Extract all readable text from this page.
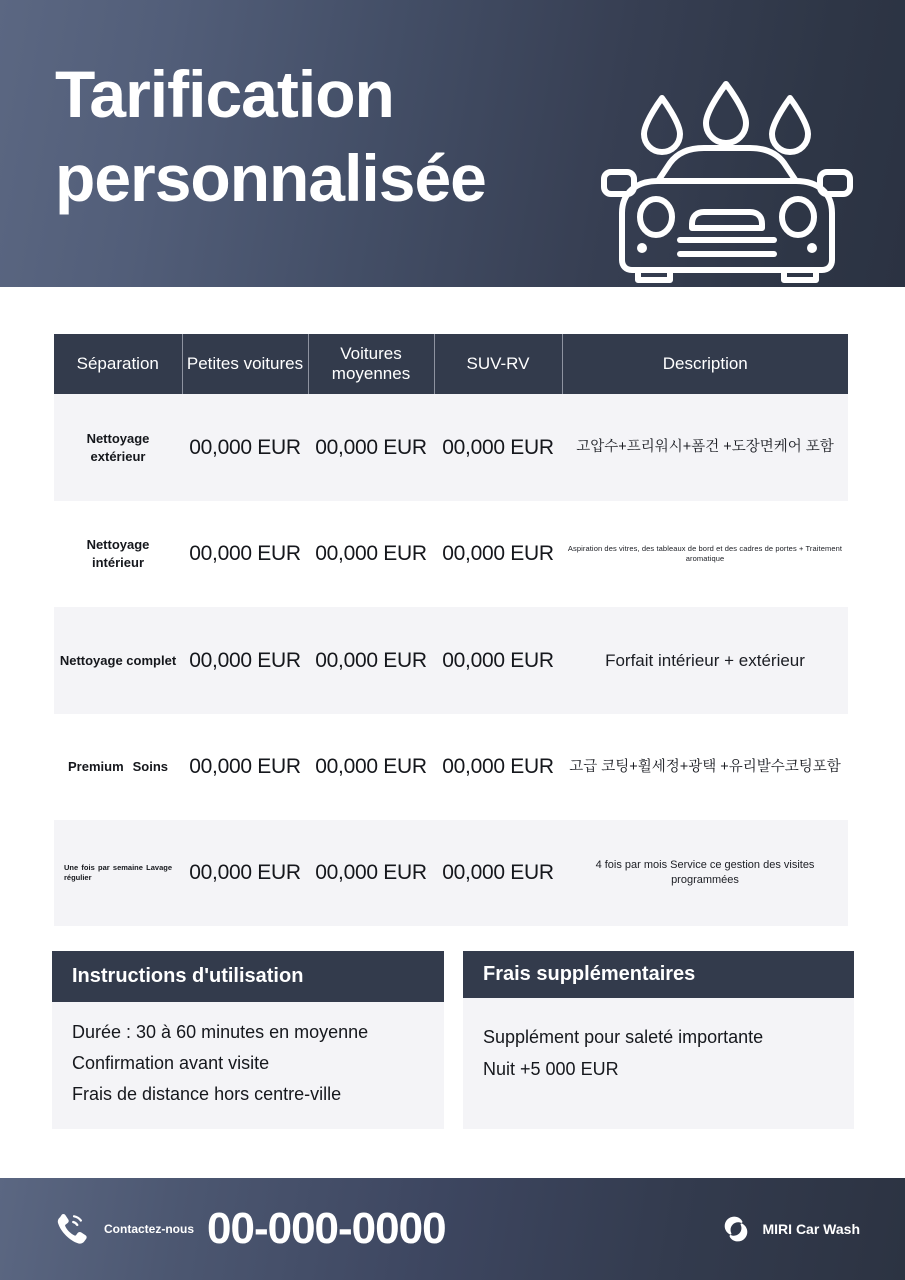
Tarification personnalisée
Séparation	Petites voitures	Voitures moyennes	SUV-RV	Description
Nettoyage extérieur	00,000 EUR	00,000 EUR	00,000 EUR	고압수+프리워시+폼건 +도장면케어 포함
Nettoyage intérieur	00,000 EUR	00,000 EUR	00,000 EUR	Aspiration des vitres, des tableaux de bord et des cadres de portes + Traitement aromatique
Nettoyage complet	00,000 EUR	00,000 EUR	00,000 EUR	Forfait intérieur + extérieur
Premium Soins	00,000 EUR	00,000 EUR	00,000 EUR	고급 코팅+휠세정+광택 +유리발수코팅포함
Une fois par semaine Lavage régulier	00,000 EUR	00,000 EUR	00,000 EUR	4 fois par mois Service ce gestion des visites programmées
Instructions d'utilisation
Durée : 30 à 60 minutes en moyenne
Confirmation avant visite
Frais de distance hors centre-ville
Frais supplémentaires
Supplément pour saleté importante
Nuit +5 000 EUR
Contactez-nous 00-000-0000	MIRI Car Wash
